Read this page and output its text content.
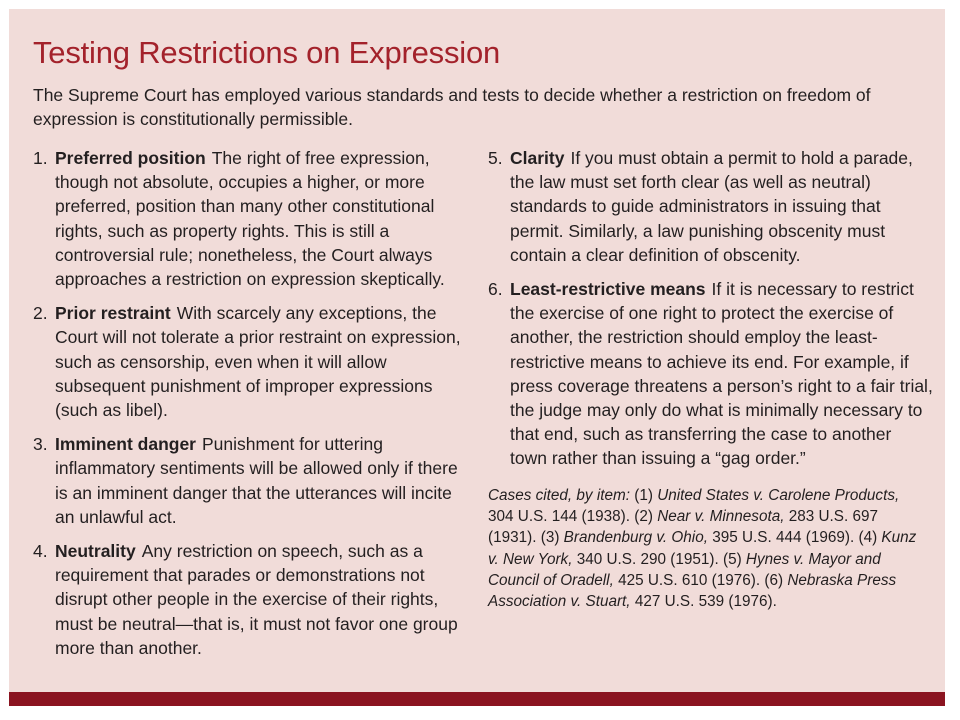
Testing Restrictions on Expression
The Supreme Court has employed various standards and tests to decide whether a restriction on freedom of expression is constitutionally permissible.
1. Preferred position The right of free expression, though not absolute, occupies a higher, or more preferred, position than many other constitutional rights, such as property rights. This is still a controversial rule; nonetheless, the Court always approaches a restriction on expression skeptically.
2. Prior restraint With scarcely any exceptions, the Court will not tolerate a prior restraint on expression, such as censorship, even when it will allow subsequent punishment of improper expressions (such as libel).
3. Imminent danger Punishment for uttering inflammatory sentiments will be allowed only if there is an imminent danger that the utterances will incite an unlawful act.
4. Neutrality Any restriction on speech, such as a requirement that parades or demonstrations not disrupt other people in the exercise of their rights, must be neutral—that is, it must not favor one group more than another.
5. Clarity If you must obtain a permit to hold a parade, the law must set forth clear (as well as neutral) standards to guide administrators in issuing that permit. Similarly, a law punishing obscenity must contain a clear definition of obscenity.
6. Least-restrictive means If it is necessary to restrict the exercise of one right to protect the exercise of another, the restriction should employ the least-restrictive means to achieve its end. For example, if press coverage threatens a person’s right to a fair trial, the judge may only do what is minimally necessary to that end, such as transferring the case to another town rather than issuing a “gag order.”
Cases cited, by item: (1) United States v. Carolene Products, 304 U.S. 144 (1938). (2) Near v. Minnesota, 283 U.S. 697 (1931). (3) Brandenburg v. Ohio, 395 U.S. 444 (1969). (4) Kunz v. New York, 340 U.S. 290 (1951). (5) Hynes v. Mayor and Council of Oradell, 425 U.S. 610 (1976). (6) Nebraska Press Association v. Stuart, 427 U.S. 539 (1976).
